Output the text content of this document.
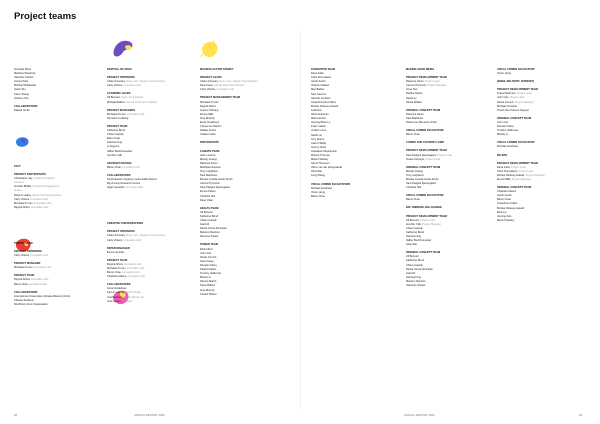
Project teams
Anushka Moss
Matthew Woodrow
Valentine Sholes
James Pelot
Mitchell Whitehead
Jason Wu
Karen Zhang
Anthony Zini
COLLABORATORS
Dakota Smith
TACT
PROJECT PARTICIPANTS
Christopher Jay, Academic Support
Services
Jennifer Biddle, Research Engagement
Impact
Robert Luetley, Senior Software Engineer
Carly Vickers, Innovation Hub
Michaela Turner, Innovation Hub
Regina Alford, Innovation Hub
POETRY SLAM
PROJECT SPONSORS
Carly Vickers, Innovation Hub
PROJECT MANAGER
Michaela Turner, Innovation Hub
PROJECT TEAM
Regina Alford, Innovation Hub
Baron Chau, Innovation Hub
COLLABORATORS
International Universities Climate Alliance (IUCA)
Climate Students
NorthForty Zero Organisation
FESTIVAL OF SDGS
PROJECT SPONSORS
Claire Annesley, Dean, Arts, Design & Architecture
Carly Vickers, Innovation Hub
ACADEMIC LEADS
Jill Bennett, Dean, Art & Design
Michael Balfour, School of the Arts & Media
PROJECT MANAGERS
Michaela Turner, Innovation Hub
Demetrio Lindberg
PROJECT TEAM
Katherine Bond
Chloe Cassidy
Ellen Coyle
Gail Henning
Ly Nguyen
Valber Buchheimester
Jennifer Yalk
GRAPHICS DESIGN
Baron Chau, Innovation Hub
COLLABORATORS
South Eastern Sydney Local Health District
Big Anxiety Research Centre
Nigel Lanesbis, Innovation Hub
CREATIVE CONVERSATIONS
PROJECT SPONSORS
Claire Annesley, Dean, Arts, Design & Architecture
Carly Vickers, Innovation Hub
PAPER MANAGER
Emma Jennifer
PROJECT TEAM
Regina Alford, Innovation Hub
Michaela Turner, Innovation Hub
Baron Chau, Innovation Hub
Charlotte Adams, Innovation Hub
COLLABORATORS
Focal Guidelines
Kai Lin Leiking, Fourth Studio
Joel Pearson, Future Minds Lab
Jane Moore, Designer
MASSIVE ACTION STOREY
PROJECT LEADS
Claire Annesley, Dean, Arts, Design & Architecture
David Gow, Faculty Executive Director
Carly Vickers, Innovation Hub
PROJECT MANAGEMENT TEAM
Michaela Turner
Regina Alford
Joanne Chhang
Emma Mills
Tess Murphy
Emily Givelinson
Cheyenne Clanton
Natalie Fenux
Colleen Nash
PARTICIPANTS
CLIMATE TEAM
Jane Lorenzo
Melody Huang
Rebecca Dixon
Matthias Heissner
Tony Leighland
Paul Matthews
Brooke Louella Jacob-Smith
Carmel O'Connor
Sara Padgett Kjaersgaard
Emma Peters
Christina Silk
Dean Utian
HEALTH TEAM
Jill Bennett
Katherine Bond
Chloe Cassidy
Gail Hill
Nicola Ciccia Donnelan
Mariann Ramirez
Ramona Tristan
POWER TEAM
Ethan Bent
John Carr
Nicole Crouch
Jana Casey
Damian Fahey
Paula Fowkes
Timothy Heffernan
Melody Li
Damon Marsh
Tiana Milford
Tess Murphy
Chanel Wilson
TRANSITION TEAM
Dena Jellis
Chris Kirk-Adams
Jacob Austin
Virginie Gabard
Max Barber
Sam Cannon
Hannah Coulhon
Josephine Del Collins
Brooke Delaney-Hatsell
Leah Eco
Olivia Holdman
Mark Hocher
Jayning Brian Lu
Pyah Lawton
Jordan Lome
Sarah Lin
Amy Munro
Cara O'Reilly
Jeremy Ross
Anastasia Stephenson
Rhema Tintorea
Maria Thaddey
Hamd Thomsen
Oliver van der Hoogvaarde
Alina Wei
Leng Zhang
VISUAL COMMS FACILITATORS
Michael Goodman
Vivien Hong
Baron Chau
MAKING GOOD MEDIA
PROJECT DEVELOPMENT TEAM
Rebecca Dixon, Project Lead
Carmel O'Connor, Project Manager
Anna Tsei
Deirdre Martin
Daniel Ly
Nicole Walker
ORIGINAL CONCEPT TEAM
Rebecca Dixon
Paul Matthews
Robin-Lee McLaurin-Smith
VISUAL COMMS FACILITATOR
Baron Chau
CARING FOR COUNTRY LEWP
PROJECT DEVELOPMENT TEAM
Sara Padgett Kjaersgaard, Project Lead
Tessa Carnegie, Project Lead
ORIGINAL CONCEPT TEAM
Melody Huang
Tony Leighland
Brooke Louella Jacob-Smith
Sara Padgett Kjaersgaard
Christina Silk
VISUAL COMMS FACILITATOR
Baron Chau
BIG THINKING, BIG CHANGE
PROJECT DEVELOPMENT TEAM
Jill Bennett, Project Lead
Jennifer Yalk, Project Manager
Chloe Cassidy
Katherine Bond
Gail Henning
Valber Buchheimester
Alina Wei
ORIGINAL CONCEPT TEAM
Jill Bennett
Katherine Bond
Chloe Cassidy
Nicola Ciccia Donnelan
Gail Hill
Gail Henning
Mariann Ramirez
Valentine Sholes
VISUAL COMMS FACILITATOR
Vivien Hong
(EMAIL DELIVERY: OVERSET)
PROJECT DEVELOPMENT TEAM
Tessa Whitmore, Project Lead
John Carr, Project Lead
Nicole Crouch, Project Manager
Michael Crowther
Thanh-Van Petrone Nguyen
ORIGINAL CONCEPT TEAM
John Carr
Damian Fahey
Timothy Heffernan
Melody Li
VISUAL COMMS FACILITATOR
Michael Goodman
RE-SITE
PROJECT DEVELOPMENT TEAM
Dena Jellis, Project Lead
Chris Kirk-Adams, Project Lead
Brooke Delaney-Hatsell, Project Manager
Emma Mills, Project Manager
ORIGINAL CONCEPT TEAM
Charlotte Adams
Jacob Austin
Baron Chau
Josephine Collins
Brooke Delaney-Hatsell
Rina Lin
Jayning Dan
Maria Thaddey
28	ANNUAL REPORT 2020	ANNUAL REPORT 2020	29
